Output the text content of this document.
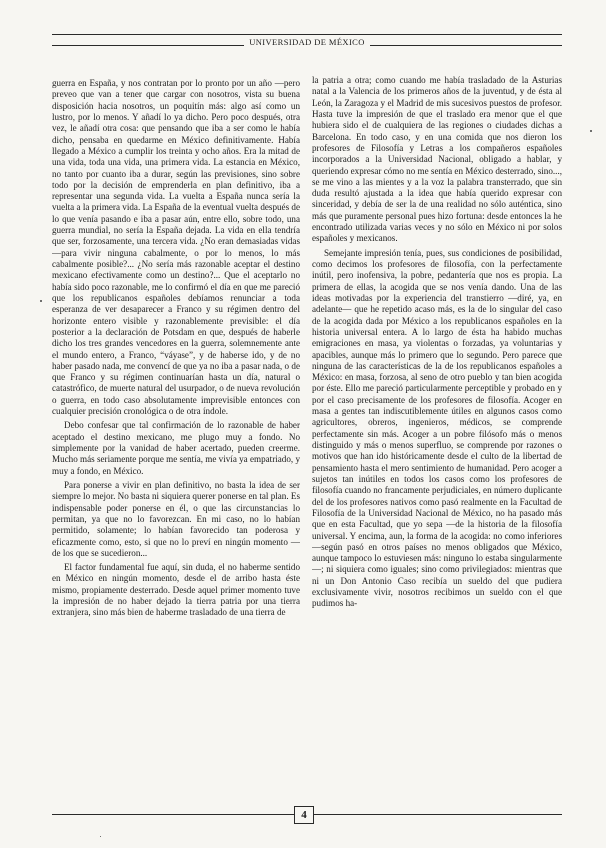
UNIVERSIDAD DE MÉXICO

guerra en España, y nos contratan por lo pronto por un año —pero preveo que van a tener que cargar con nosotros, vista su buena disposición hacia nosotros, un poquitín más: algo así como un lustro, por lo menos. Y añadí lo ya dicho. Pero poco después, otra vez, le añadí otra cosa: que pensando que iba a ser como le había dicho, pensaba en quedarme en México definitivamente. Había llegado a México a cumplir los treinta y ocho años. Era la mitad de una vida, toda una vida, una primera vida. La estancia en México, no tanto por cuanto iba a durar, según las previsiones, sino sobre todo por la decisión de emprenderla en plan definitivo, iba a representar una segunda vida. La vuelta a España nunca sería la vuelta a la primera vida. La España de la eventual vuelta después de lo que venía pasando e iba a pasar aún, entre ello, sobre todo, una guerra mundial, no sería la España dejada. La vida en ella tendría que ser, forzosamente, una tercera vida. ¿No eran demasiadas vidas —para vivir ninguna cabalmente, o por lo menos, lo más cabalmente posible?... ¿No sería más razonable aceptar el destino mexicano efectivamente como un destino?... Que el aceptarlo no había sido poco razonable, me lo confirmó el día en que me pareció que los republicanos españoles debíamos renunciar a toda esperanza de ver desaparecer a Franco y su régimen dentro del horizonte entero visible y razonablemente previsible: el día posterior a la declaración de Potsdam en que, después de haberle dicho los tres grandes vencedores en la guerra, solemnemente ante el mundo entero, a Franco, “váyase”, y de haberse ido, y de no haber pasado nada, me convencí de que ya no iba a pasar nada, o de que Franco y su régimen continuarían hasta un día, natural o catastrófico, de muerte natural del usurpador, o de nueva revolución o guerra, en todo caso absolutamente imprevisible entonces con cualquier precisión cronológica o de otra índole.

Debo confesar que tal confirmación de lo razonable de haber aceptado el destino mexicano, me plugo muy a fondo. No simplemente por la vanidad de haber acertado, pueden creerme. Mucho más seriamente porque me sentía, me vivía ya empatriado, y muy a fondo, en México.

Para ponerse a vivir en plan definitivo, no basta la idea de ser siempre lo mejor. No basta ni siquiera querer ponerse en tal plan. Es indispensable poder ponerse en él, o que las circunstancias lo permitan, ya que no lo favorezcan. En mi caso, no lo habían permitido, solamente; lo habían favorecido tan poderosa y eficazmente como, esto, si que no lo preví en ningún momento —de los que se sucedieron...

El factor fundamental fue aquí, sin duda, el no haberme sentido en México en ningún momento, desde el de arribo hasta éste mismo, propiamente desterrado. Desde aquel primer momento tuve la impresión de no haber dejado la tierra patria por una tierra extranjera, sino más bien de haberme trasladado de una tierra de

la patria a otra; como cuando me había trasladado de la Asturias natal a la Valencia de los primeros años de la juventud, y de ésta al León, la Zaragoza y el Madrid de mis sucesivos puestos de profesor. Hasta tuve la impresión de que el traslado era menor que el que hubiera sido el de cualquiera de las regiones o ciudades dichas a Barcelona. En todo caso, y en una comida que nos dieron los profesores de Filosofía y Letras a los compañeros españoles incorporados a la Universidad Nacional, obligado a hablar, y queriendo expresar cómo no me sentía en México desterrado, sino..., se me vino a las mientes y a la voz la palabra transterrado, que sin duda resultó ajustada a la idea que había querido expresar con sinceridad, y debía de ser la de una realidad no sólo auténtica, sino más que puramente personal pues hizo fortuna: desde entonces la he encontrado utilizada varias veces y no sólo en México ni por solos españoles y mexicanos.

Semejante impresión tenía, pues, sus condiciones de posibilidad, como decimos los profesores de filosofía, con la perfectamente inútil, pero inofensiva, la pobre, pedantería que nos es propia. La primera de ellas, la acogida que se nos venía dando. Una de las ideas motivadas por la experiencia del transtierro —diré, ya, en adelante— que he repetido acaso más, es la de lo singular del caso de la acogida dada por México a los republicanos españoles en la historia universal entera. A lo largo de ésta ha habido muchas emigraciones en masa, ya violentas o forzadas, ya voluntarias y apacibles, aunque más lo primero que lo segundo. Pero parece que ninguna de las características de la de los republicanos españoles a México: en masa, forzosa, al seno de otro pueblo y tan bien acogida por éste. Ello me pareció particularmente perceptible y probado en y por el caso precisamente de los profesores de filosofía. Acoger en masa a gentes tan indiscutiblemente útiles en algunos casos como agricultores, obreros, ingenieros, médicos, se comprende perfectamente sin más. Acoger a un pobre filósofo más o menos distinguido y más o menos superfluo, se comprende por razones o motivos que han ido históricamente desde el culto de la libertad de pensamiento hasta el mero sentimiento de humanidad. Pero acoger a sujetos tan inútiles en todos los casos como los profesores de filosofía cuando no francamente perjudiciales, en número duplicante del de los profesores nativos como pasó realmente en la Facultad de Filosofía de la Universidad Nacional de México, no ha pasado más que en esta Facultad, que yo sepa —de la historia de la filosofía universal. Y encima, aun, la forma de la acogida: no como inferiores —según pasó en otros países no menos obligados que México, aunque tampoco lo estuviesen más: ninguno lo estaba singularmente—; ni siquiera como iguales; sino como privilegiados: mientras que ni un Don Antonio Caso recibía un sueldo del que pudiera exclusivamente vivir, nosotros recibimos un sueldo con el que pudimos ha-

4
